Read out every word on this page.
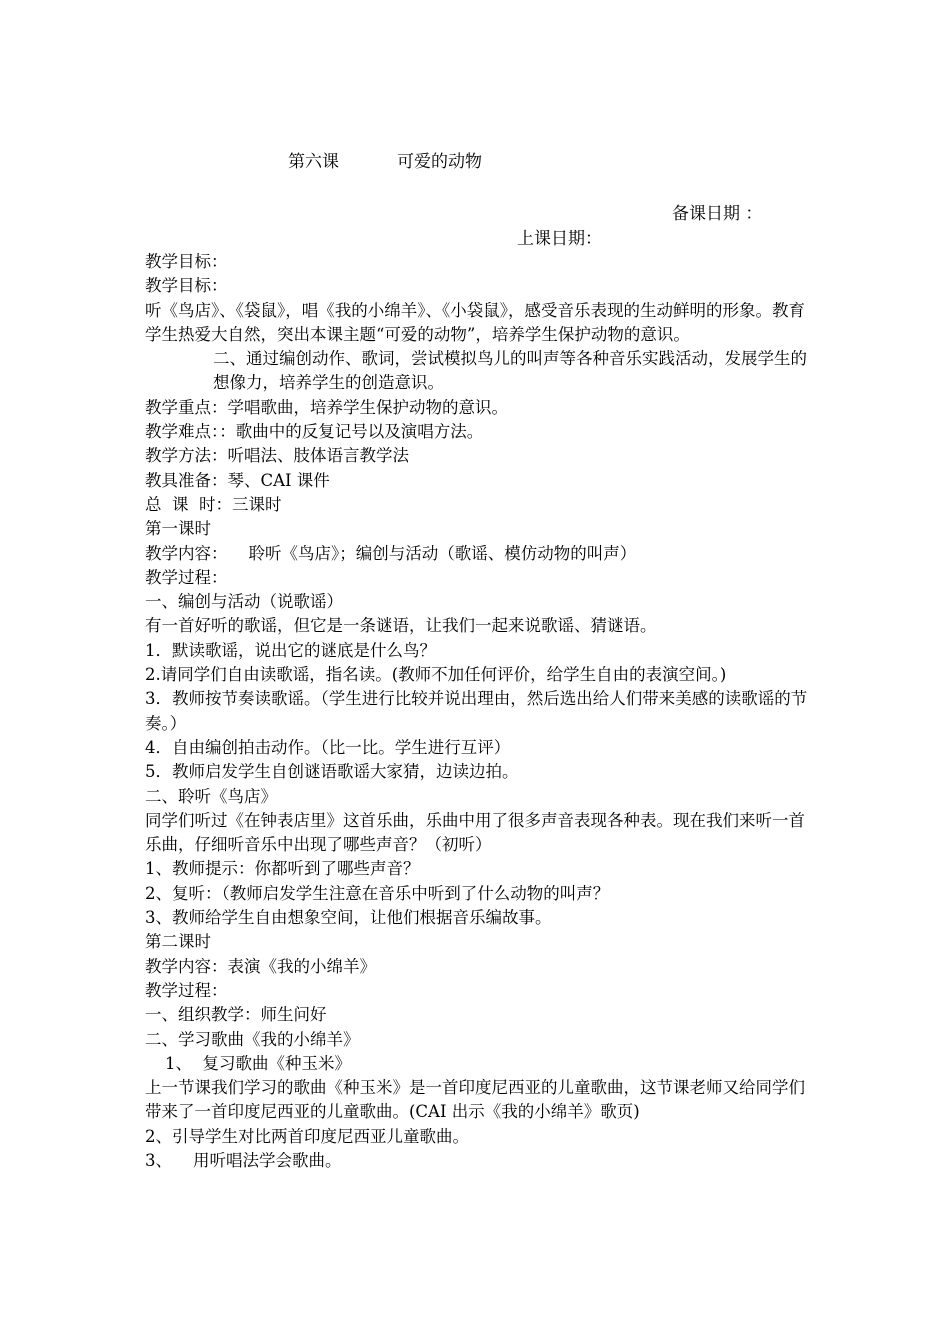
第六课	可爱的动物
备课日期 ：
上课日期：

教学目标：

教学目标：

听《鸟店》、《袋鼠》，唱《我的小绵羊》、《小袋鼠》，感受音乐表现的生动鲜明的形象。教育学生热爱大自然，突出本课主题“可爱的动物”，培养学生保护动物的意识。

二、通过编创动作、歌词，尝试模拟鸟儿的叫声等各种音乐实践活动，发展学生的想像力，培养学生的创造意识。

教学重点：学唱歌曲，培养学生保护动物的意识。

教学难点：：歌曲中的反复记号以及演唱方法。

教学方法：听唱法、肢体语言教学法

教具准备：琴、CAI 课件

总  课  时：三课时

第一课时

教学内容：    聆听《鸟店》；编创与活动（歌谣、模仿动物的叫声）

教学过程：

一、编创与活动（说歌谣）

有一首好听的歌谣，但它是一条谜语，让我们一起来说歌谣、猜谜语。

1．默读歌谣，说出它的谜底是什么鸟？

2.请同学们自由读歌谣，指名读。(教师不加任何评价，给学生自由的表演空间。)

3．教师按节奏读歌谣。（学生进行比较并说出理由，然后选出给人们带来美感的读歌谣的节奏。）

4．自由编创拍击动作。（比一比。学生进行互评）

5．教师启发学生自创谜语歌谣大家猜，边读边拍。

二、聆听《鸟店》

同学们听过《在钟表店里》这首乐曲，乐曲中用了很多声音表现各种表。现在我们来听一首乐曲，仔细听音乐中出现了哪些声音？（初听）

1、教师提示：你都听到了哪些声音？

2、复听：（教师启发学生注意在音乐中听到了什么动物的叫声？

3、教师给学生自由想象空间，让他们根据音乐编故事。

第二课时

教学内容：表演《我的小绵羊》

教学过程：

一、组织教学：师生问好

二、学习歌曲《我的小绵羊》

1、  复习歌曲《种玉米》

上一节课我们学习的歌曲《种玉米》是一首印度尼西亚的儿童歌曲，这节课老师又给同学们带来了一首印度尼西亚的儿童歌曲。(CAI 出示《我的小绵羊》歌页)

2、引导学生对比两首印度尼西亚儿童歌曲。

3、    用听唱法学会歌曲。
